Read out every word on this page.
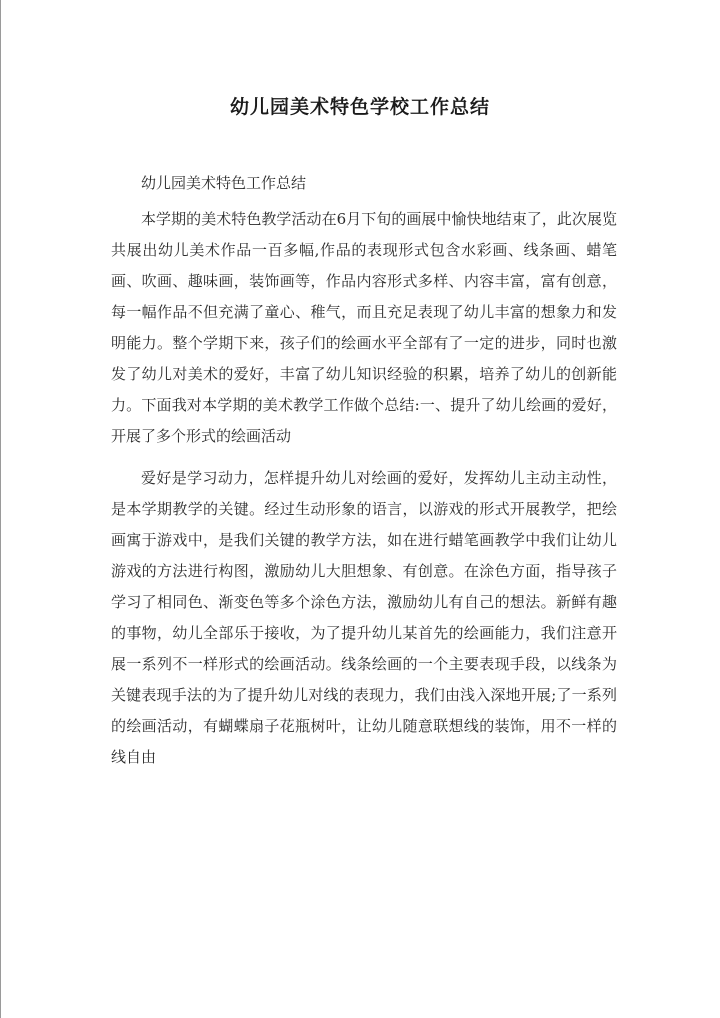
幼儿园美术特色学校工作总结

幼儿园美术特色工作总结

本学期的美术特色教学活动在6月下旬的画展中愉快地结束了，此次展览共展出幼儿美术作品一百多幅,作品的表现形式包含水彩画、线条画、蜡笔画、吹画、趣味画，装饰画等，作品内容形式多样、内容丰富，富有创意，每一幅作品不但充满了童心、稚气，而且充足表现了幼儿丰富的想象力和发明能力。整个学期下来，孩子们的绘画水平全部有了一定的进步，同时也激发了幼儿对美术的爱好，丰富了幼儿知识经验的积累，培养了幼儿的创新能力。下面我对本学期的美术教学工作做个总结:一、提升了幼儿绘画的爱好，开展了多个形式的绘画活动

爱好是学习动力，怎样提升幼儿对绘画的爱好，发挥幼儿主动主动性，是本学期教学的关键。经过生动形象的语言，以游戏的形式开展教学，把绘画寓于游戏中，是我们关键的教学方法，如在进行蜡笔画教学中我们让幼儿游戏的方法进行构图，激励幼儿大胆想象、有创意。在涂色方面，指导孩子学习了相同色、渐变色等多个涂色方法，激励幼儿有自己的想法。新鲜有趣的事物，幼儿全部乐于接收，为了提升幼儿某首先的绘画能力，我们注意开展一系列不一样形式的绘画活动。线条绘画的一个主要表现手段，以线条为关键表现手法的为了提升幼儿对线的表现力，我们由浅入深地开展;了一系列的绘画活动，有蝴蝶扇子花瓶树叶，让幼儿随意联想线的装饰，用不一样的线自由
